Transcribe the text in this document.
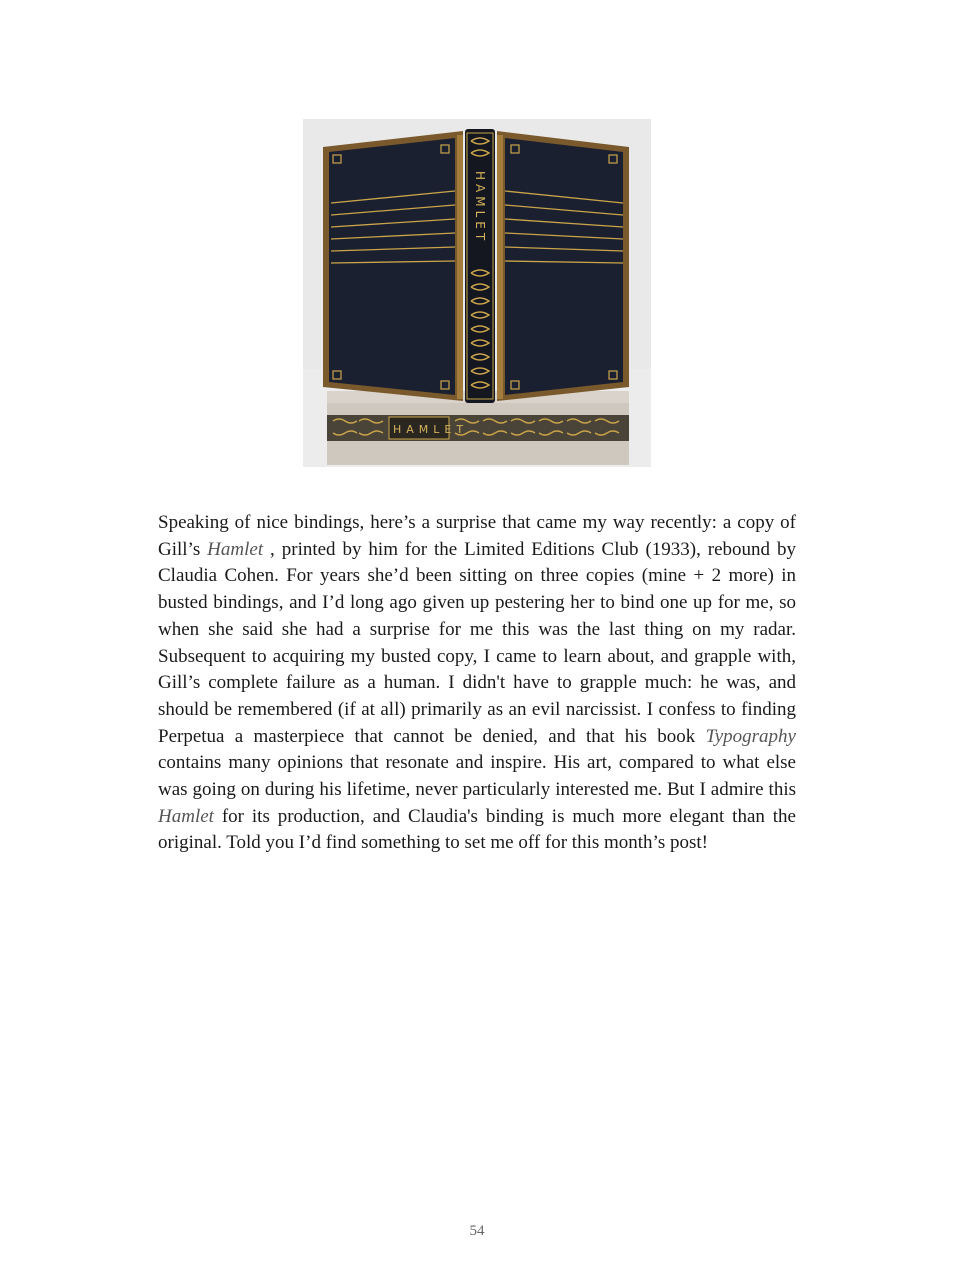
HAMLET
HAMLET

Speaking of nice bindings, here’s a surprise that came my way recently: a copy of Gill’s Hamlet , printed by him for the Limited Editions Club (1933), rebound by Claudia Cohen. For years she’d been sitting on three copies (mine + 2 more) in busted bindings, and I’d long ago given up pestering her to bind one up for me, so when she said she had a surprise for me this was the last thing on my radar. Subsequent to acquiring my busted copy, I came to learn about, and grapple with, Gill’s complete failure as a human. I didn't have to grapple much: he was, and should be remembered (if at all) primarily as an evil narcissist. I confess to finding Perpetua a masterpiece that cannot be denied, and that his book Typography contains many opinions that resonate and inspire. His art, compared to what else was going on during his lifetime, never particularly interested me. But I admire this Hamlet for its production, and Claudia's binding is much more elegant than the original. Told you I’d find something to set me off for this month’s post!

54
